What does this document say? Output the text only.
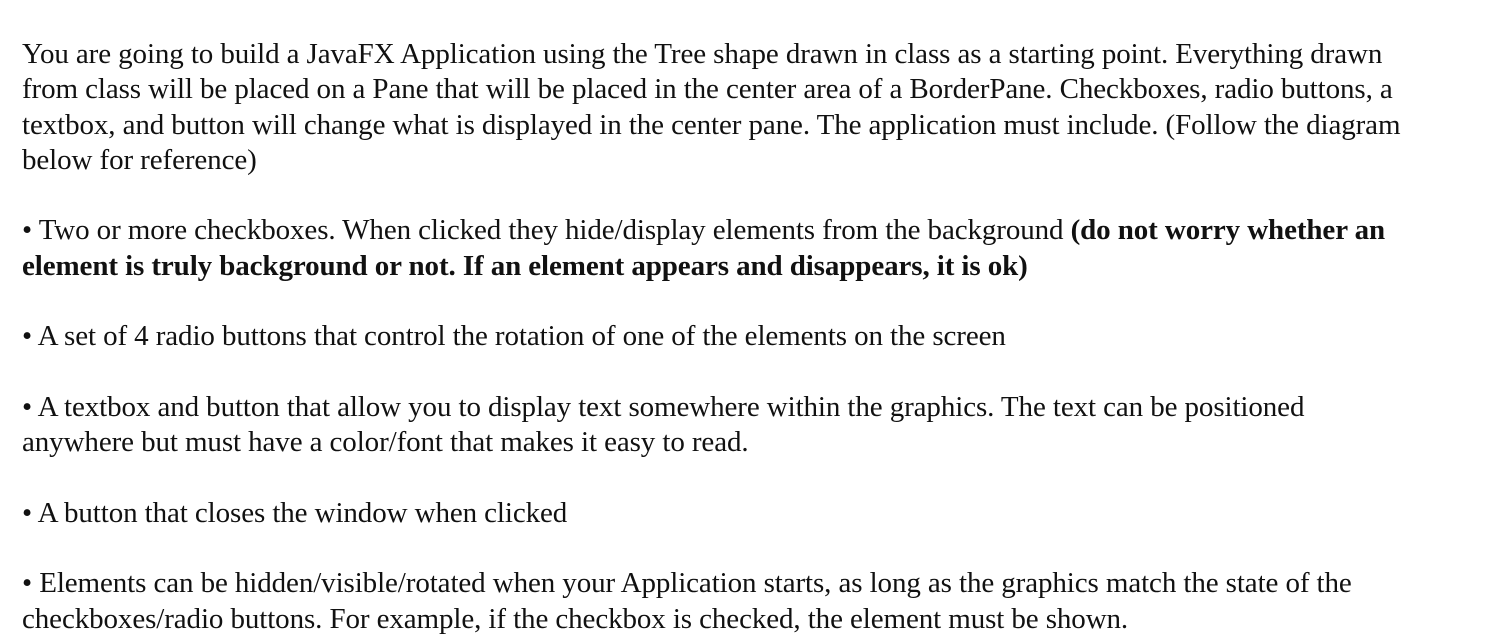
You are going to build a JavaFX Application using the Tree shape drawn in class as a starting point. Everything drawn
from class will be placed on a Pane that will be placed in the center area of a BorderPane. Checkboxes, radio buttons, a
textbox, and button will change what is displayed in the center pane. The application must include. (Follow the diagram
below for reference)
• Two or more checkboxes. When clicked they hide/display elements from the background (do not worry whether an
element is truly background or not. If an element appears and disappears, it is ok)
• A set of 4 radio buttons that control the rotation of one of the elements on the screen
• A textbox and button that allow you to display text somewhere within the graphics. The text can be positioned
anywhere but must have a color/font that makes it easy to read.
• A button that closes the window when clicked
• Elements can be hidden/visible/rotated when your Application starts, as long as the graphics match the state of the
checkboxes/radio buttons. For example, if the checkbox is checked, the element must be shown.
